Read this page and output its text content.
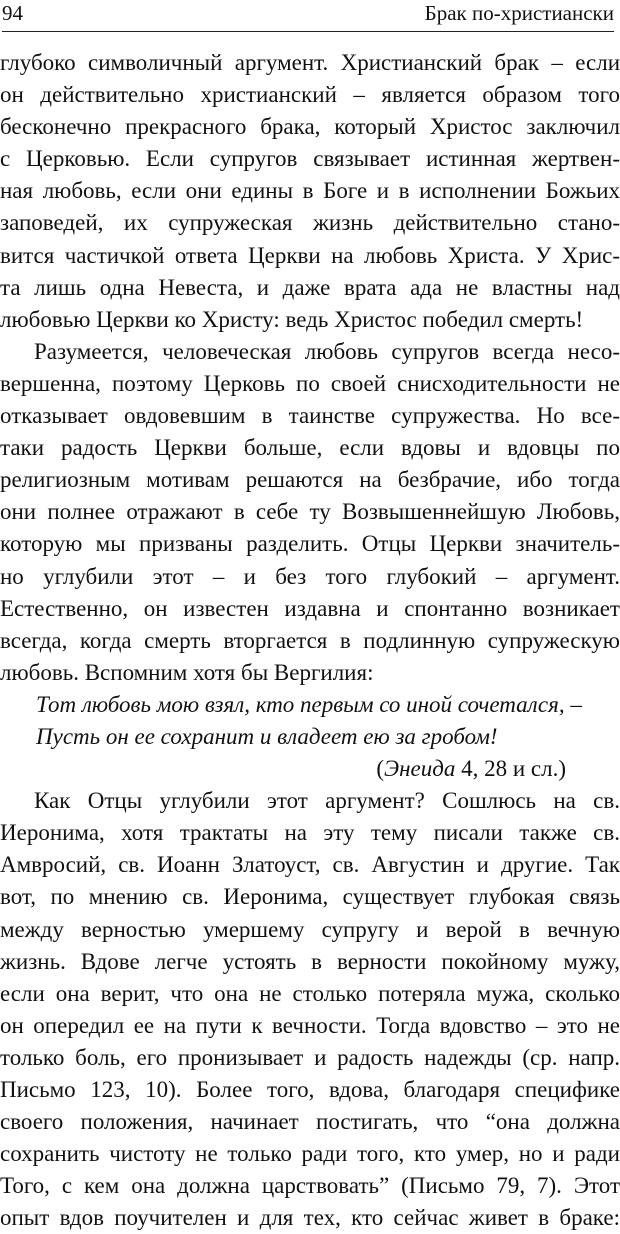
94	Брак по-христиански
глубоко символичный аргумент. Христианский брак – если
он действительно христианский – является образом того
бесконечно прекрасного брака, который Христос заключил
с Церковью. Если супругов связывает истинная жертвен-
ная любовь, если они едины в Боге и в исполнении Божьих
заповедей, их супружеская жизнь действительно стано-
вится частичкой ответа Церкви на любовь Христа. У Хрис-
та лишь одна Невеста, и даже врата ада не властны над
любовью Церкви ко Христу: ведь Христос победил смерть!
Разумеется, человеческая любовь супругов всегда несо-
вершенна, поэтому Церковь по своей снисходительности не
отказывает овдовевшим в таинстве супружества. Но все-
таки радость Церкви больше, если вдовы и вдовцы по
религиозным мотивам решаются на безбрачие, ибо тогда
они полнее отражают в себе ту Возвышеннейшую Любовь,
которую мы призваны разделить. Отцы Церкви значитель-
но углубили этот – и без того глубокий – аргумент.
Естественно, он известен издавна и спонтанно возникает
всегда, когда смерть вторгается в подлинную супружескую
любовь. Вспомним хотя бы Вергилия:
Тот любовь мою взял, кто первым со иной сочетался, –
Пусть он ее сохранит и владеет ею за гробом!
(Энеида 4, 28 и сл.)
Как Отцы углубили этот аргумент? Сошлюсь на св.
Иеронима, хотя трактаты на эту тему писали также св.
Амвросий, св. Иоанн Златоуст, св. Августин и другие. Так
вот, по мнению св. Иеронима, существует глубокая связь
между верностью умершему супругу и верой в вечную
жизнь. Вдове легче устоять в верности покойному мужу,
если она верит, что она не столько потеряла мужа, сколько
он опередил ее на пути к вечности. Тогда вдовство – это не
только боль, его пронизывает и радость надежды (ср. напр.
Письмо 123, 10). Более того, вдова, благодаря специфике
своего положения, начинает постигать, что “она должна
сохранить чистоту не только ради того, кто умер, но и ради
Того, с кем она должна царствовать” (Письмо 79, 7). Этот
опыт вдов поучителен и для тех, кто сейчас живет в браке:
